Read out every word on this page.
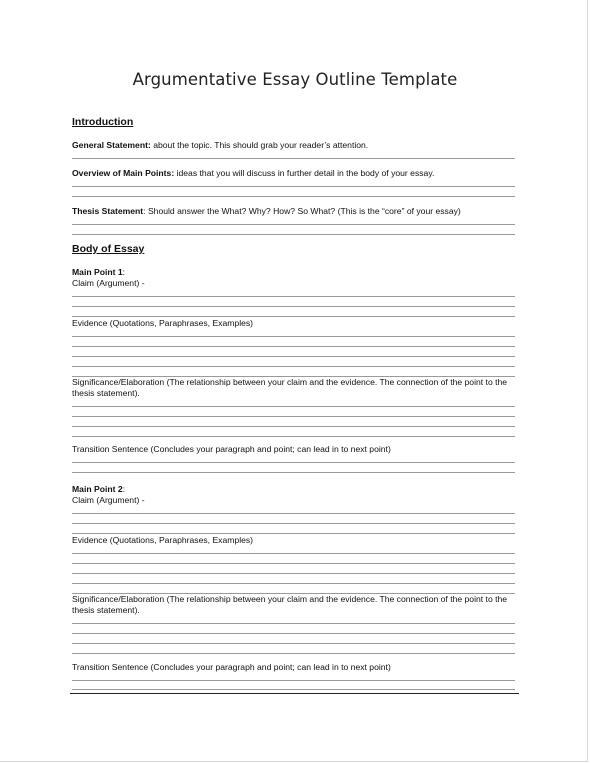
Argumentative Essay Outline Template
Introduction
General Statement: about the topic. This should grab your reader’s attention.
Overview of Main Points: ideas that you will discuss in further detail in the body of your essay.
Thesis Statement: Should answer the What? Why? How? So What? (This is the “core” of your essay)
Body of Essay
Main Point 1:
Claim (Argument) -
Evidence (Quotations, Paraphrases, Examples)
Significance/Elaboration (The relationship between your claim and the evidence. The connection of the point to the thesis statement).
Transition Sentence (Concludes your paragraph and point; can lead in to next point)
Main Point 2:
Claim (Argument) -
Evidence (Quotations, Paraphrases, Examples)
Significance/Elaboration (The relationship between your claim and the evidence. The connection of the point to the thesis statement).
Transition Sentence (Concludes your paragraph and point; can lead in to next point)
